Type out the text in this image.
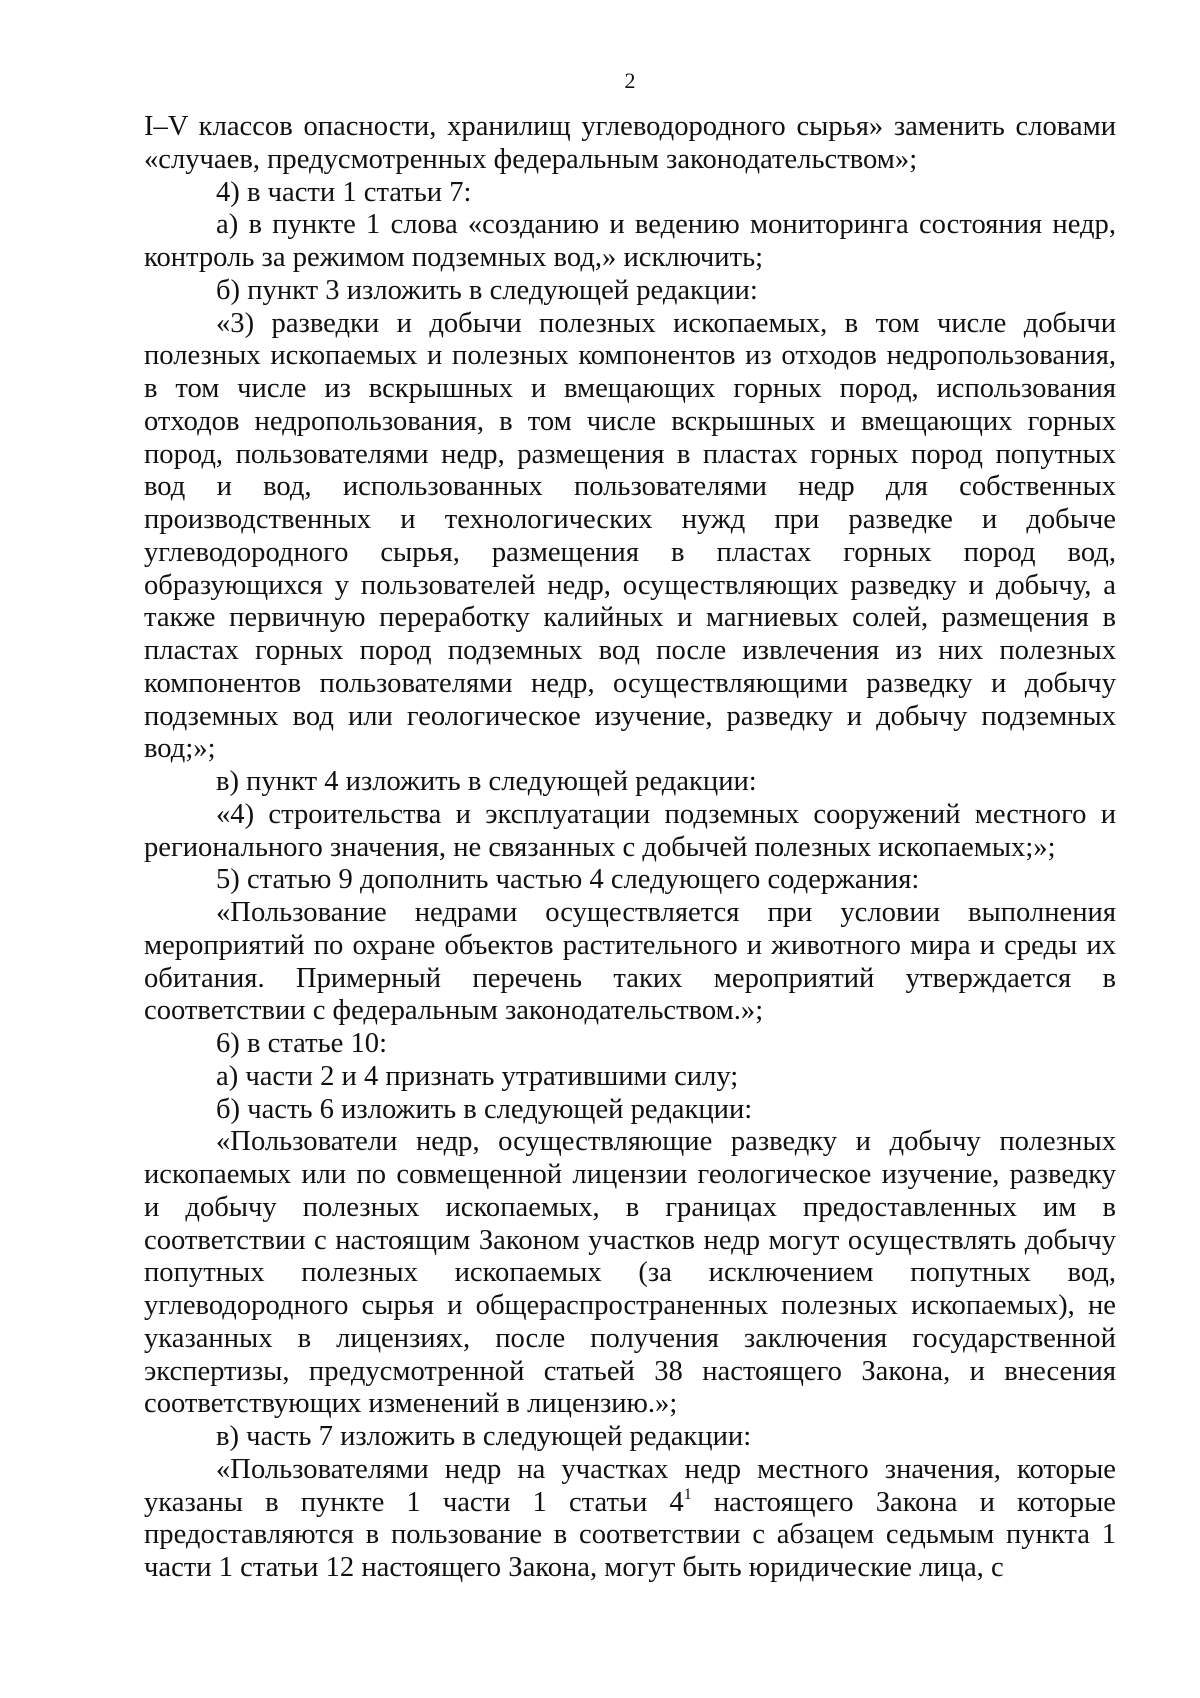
2

I–V классов опасности, хранилищ углеводородного сырья» заменить словами «случаев, предусмотренных федеральным законодательством»;

4) в части 1 статьи 7:

а) в пункте 1 слова «созданию и ведению мониторинга состояния недр, контроль за режимом подземных вод,» исключить;

б) пункт 3 изложить в следующей редакции:

«3) разведки и добычи полезных ископаемых, в том числе добычи полезных ископаемых и полезных компонентов из отходов недропользования, в том числе из вскрышных и вмещающих горных пород, использования отходов недропользования, в том числе вскрышных и вмещающих горных пород, пользователями недр, размещения в пластах горных пород попутных вод и вод, использованных пользователями недр для собственных производственных и технологических нужд при разведке и добыче углеводородного сырья, размещения в пластах горных пород вод, образующихся у пользователей недр, осуществляющих разведку и добычу, а также первичную переработку калийных и магниевых солей, размещения в пластах горных пород подземных вод после извлечения из них полезных компонентов пользователями недр, осуществляющими разведку и добычу подземных вод или геологическое изучение, разведку и добычу подземных вод;»;

в) пункт 4 изложить в следующей редакции:

«4) строительства и эксплуатации подземных сооружений местного и регионального значения, не связанных с добычей полезных ископаемых;»;

5) статью 9 дополнить частью 4 следующего содержания:

«Пользование недрами осуществляется при условии выполнения мероприятий по охране объектов растительного и животного мира и среды их обитания. Примерный перечень таких мероприятий утверждается в соответствии с федеральным законодательством.»;

6) в статье 10:

а) части 2 и 4 признать утратившими силу;

б) часть 6 изложить в следующей редакции:

«Пользователи недр, осуществляющие разведку и добычу полезных ископаемых или по совмещенной лицензии геологическое изучение, разведку и добычу полезных ископаемых, в границах предоставленных им в соответствии с настоящим Законом участков недр могут осуществлять добычу попутных полезных ископаемых (за исключением попутных вод, углеводородного сырья и общераспространенных полезных ископаемых), не указанных в лицензиях, после получения заключения государственной экспертизы, предусмотренной статьей 38 настоящего Закона, и внесения соответствующих изменений в лицензию.»;

в) часть 7 изложить в следующей редакции:

«Пользователями недр на участках недр местного значения, которые указаны в пункте 1 части 1 статьи $4^1$ настоящего Закона и которые предоставляются в пользование в соответствии с абзацем седьмым пункта 1 части 1 статьи 12 настоящего Закона, могут быть юридические лица, с
